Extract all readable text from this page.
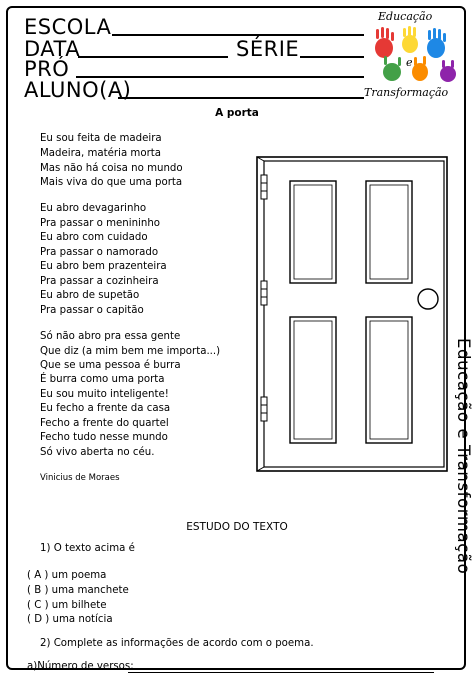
ESCOLA
DATA	SÉRIE
PRÓ
ALUNO(A)
Educação
e
Transformação
Educação e Transformação
A porta
Eu sou feita de madeira
Madeira, matéria morta
Mas não há coisa no mundo
Mais viva do que uma porta
Eu abro devagarinho
Pra passar o menininho
Eu abro com cuidado
Pra passar o namorado
Eu abro bem prazenteira
Pra passar a cozinheira
Eu abro de supetão
Pra passar o capitão
Só não abro pra essa gente
Que diz (a mim bem me importa...)
Que se uma pessoa é burra
É burra como uma porta
Eu sou muito inteligente!
Eu fecho a frente da casa
Fecho a frente do quartel
Fecho tudo nesse mundo
Só vivo aberta no céu.
Vinicius de Moraes
ESTUDO DO TEXTO
1) O texto acima é
( A ) um poema
( B ) uma manchete
( C ) um bilhete
( D ) uma notícia
2) Complete as informações de acordo com o poema.
a)Número de versos:
